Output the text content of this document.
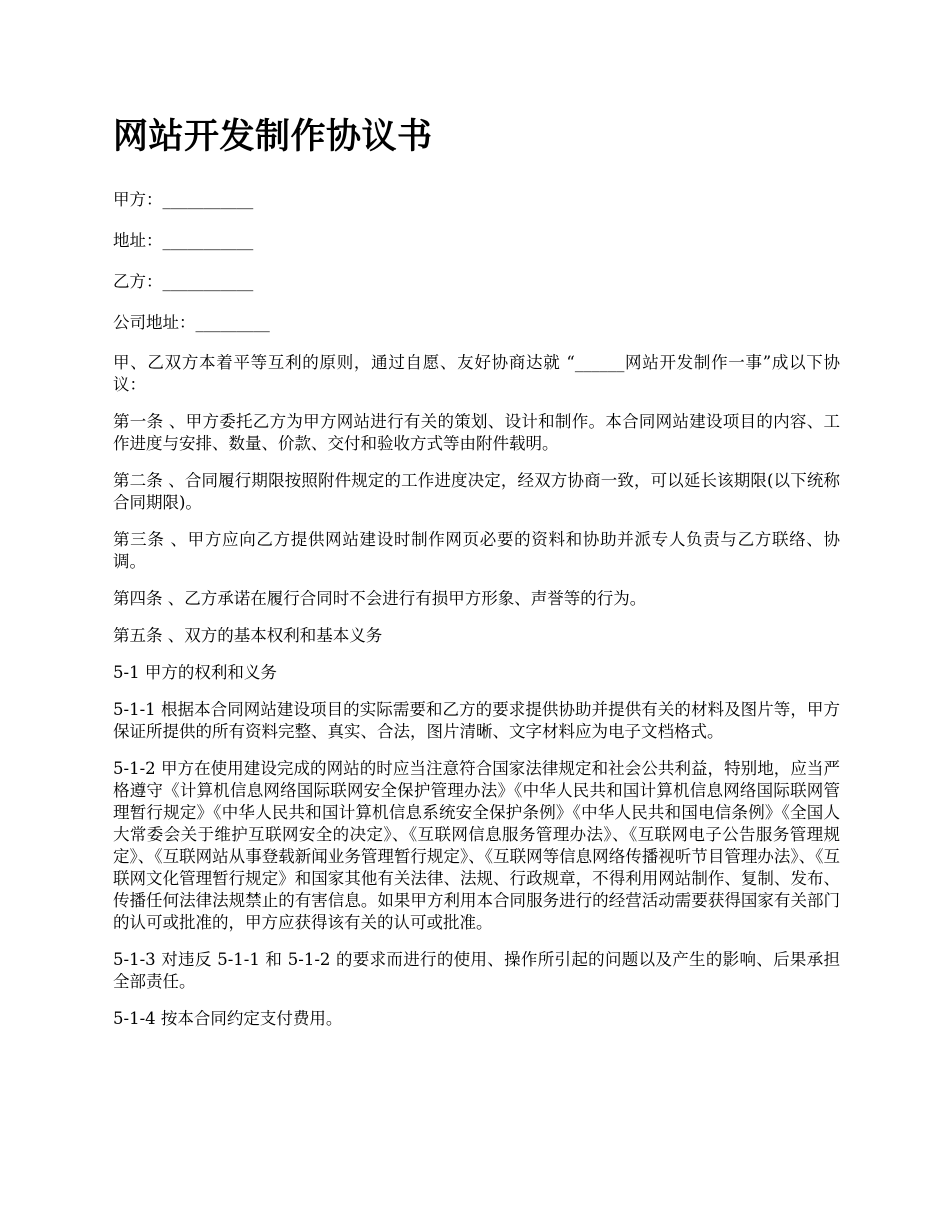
网站开发制作协议书

甲方：___________

地址：___________

乙方：___________

公司地址：_________

甲、乙双方本着平等互利的原则，通过自愿、友好协商达就 “______网站开发制作一事”成以下协议：

第一条 、甲方委托乙方为甲方网站进行有关的策划、设计和制作。本合同网站建设项目的内容、工作进度与安排、数量、价款、交付和验收方式等由附件载明。

第二条 、合同履行期限按照附件规定的工作进度决定，经双方协商一致，可以延长该期限(以下统称合同期限)。

第三条 、甲方应向乙方提供网站建设时制作网页必要的资料和协助并派专人负责与乙方联络、协调。

第四条 、乙方承诺在履行合同时不会进行有损甲方形象、声誉等的行为。

第五条 、双方的基本权利和基本义务

5-1 甲方的权利和义务

5-1-1 根据本合同网站建设项目的实际需要和乙方的要求提供协助并提供有关的材料及图片等，甲方保证所提供的所有资料完整、真实、合法，图片清晰、文字材料应为电子文档格式。

5-1-2 甲方在使用建设完成的网站的时应当注意符合国家法律规定和社会公共利益，特别地，应当严格遵守《计算机信息网络国际联网安全保护管理办法》《中华人民共和国计算机信息网络国际联网管理暂行规定》《中华人民共和国计算机信息系统安全保护条例》《中华人民共和国电信条例》《全国人大常委会关于维护互联网安全的决定》、《互联网信息服务管理办法》、《互联网电子公告服务管理规定》、《互联网站从事登载新闻业务管理暂行规定》、《互联网等信息网络传播视听节目管理办法》、《互联网文化管理暂行规定》和国家其他有关法律、法规、行政规章，不得利用网站制作、复制、发布、传播任何法律法规禁止的有害信息。如果甲方利用本合同服务进行的经营活动需要获得国家有关部门的认可或批准的，甲方应获得该有关的认可或批准。

5-1-3 对违反 5-1-1 和 5-1-2 的要求而进行的使用、操作所引起的问题以及产生的影响、后果承担全部责任。

5-1-4 按本合同约定支付费用。
